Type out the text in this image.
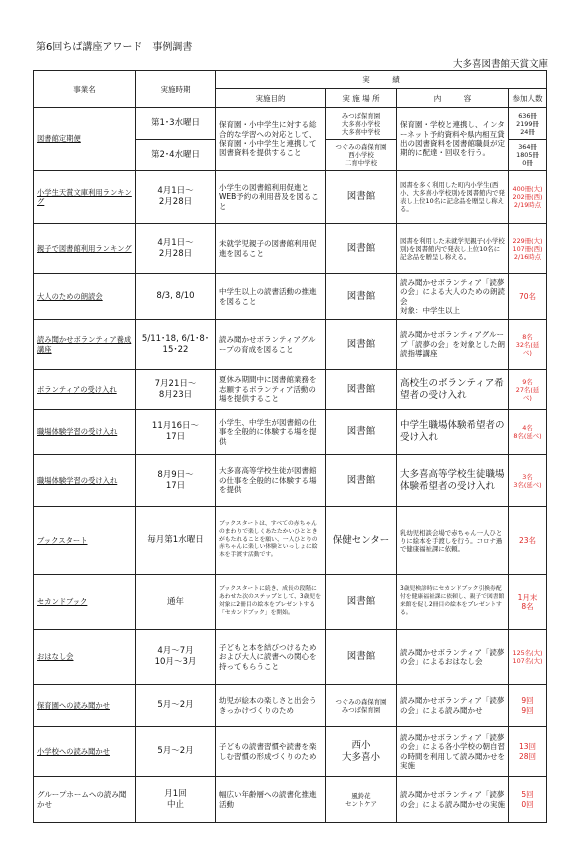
第6回ちば講座アワード　事例調書
大多喜図書館天賞文庫
事業名	実施時期	実　　　績			
		実施目的	実 施 場 所	内　　　容	参加人数
図書館定期便	第1･3水曜日	保育園・小中学生に対する総合的な学習への対応として、保育園・小中学生と連携して図書資料を提供すること	みつば保育園
大多喜小学校
大多喜中学校	保育園・学校と連携し、インターネット予約資料や県内相互貸出の図書資料を図書館職員が定期的に配達・回収を行う。	636冊
2199冊
24冊
	第2･4水曜日		つぐみの森保育園
西小学校
二育中学校		364冊
1805冊
0冊
小学生天賞文庫利用ランキング	4月1日～
2月28日	小学生の図書館利用促進とWEB予約の利用普及を図ること	図書館	図書を多く利用した町内小学生(西小、大多喜小学校別)を図書館内で発表し上位10名に記念品を贈呈し称える。	400冊(大)
202冊(西)
2/19時点
親子で図書館利用ランキング	4月1日～
2月28日	未就学児親子の図書館利用促進を図ること	図書館	図書を利用した未就学児親子(小学校別)を図書館内で発表し上位10名に記念品を贈呈し称える。	229冊(大)
107冊(西)
2/16時点
大人のための朗読会	8/3, 8/10	中学生以上の読書活動の推進を図ること	図書館	読み聞かせボランティア「読夢の会」による大人のための朗読会
対象：中学生以上	70名
読み聞かせボランティア養成講座	5/11･18, 6/1･8･15･22	読み聞かせボランティアグループの育成を図ること	図書館	読み聞かせボランティアグループ「読夢の会」を対象とした朗読指導講座	8名
32名(延べ)
ボランティアの受け入れ	7月21日～
8月23日	夏休み期間中に図書館業務を志願するボランティア活動の場を提供すること	図書館	高校生のボランティア希望者の受け入れ	9名
27名(延べ)
職場体験学習の受け入れ	11月16日～
17日	小学生、中学生が図書館の仕事を全般的に体験する場を提供	図書館	中学生職場体験希望者の受け入れ	4名
8名(延べ)
職場体験学習の受け入れ	8月9日～
17日	大多喜高等学校生徒が図書館の仕事を全般的に体験する場を提供	図書館	大多喜高等学校生徒職場体験希望者の受け入れ	3名
3名(延べ)
ブックスタート	毎月第1水曜日	ブックスタートは、すべての赤ちゃんのまわりで楽しくあたたかいひとときがもたれることを願い、一人ひとりの赤ちゃんに楽しい体験といっしょに絵本を手渡す活動です。	保健センター	乳幼児相談会場で赤ちゃん一人ひとりに絵本を手渡しを行う。コロナ過で健康福祉課に依頼。	23名
セカンドブック	通年	ブックスタートに続き、成長の段階にあわせた次のステップとして、3歳児を対象に2冊目の絵本をプレゼントする「セカンドブック」を開始。	図書館	3歳児検診時にセカンドブック引換券配付を健康福祉課に依頼し、親子で図書館来館を促し2冊目の絵本をプレゼントする。	1月末
8名
おはなし会	4月～7月
10月～3月	子どもと本を結びつけるためおよび大人に読書への関心を持ってもらうこと	図書館	読み聞かせボランティア「読夢の会」によるおはなし会	125名(大)
107名(大)
保育園への読み聞かせ	5月～2月	幼児が絵本の楽しさと出会うきっかけづくりのため	つぐみの森保育園
みつば保育園	読み聞かせボランティア「読夢の会」による読み聞かせ	9回
9回
小学校への読み聞かせ	5月～2月	子どもの読書習慣や読書を楽しむ習慣の形成づくりのため	西小
大多喜小	読み聞かせボランティア「読夢の会」による各小学校の朝自習の時間を利用して読み聞かせを実施	13回
28回
グループホームへの読み聞かせ	月1回
中止	幅広い年齢層への読書化推進活動	風鈴花
セントケア	読み聞かせボランティア「読夢の会」による読み聞かせの実施	5回
0回
